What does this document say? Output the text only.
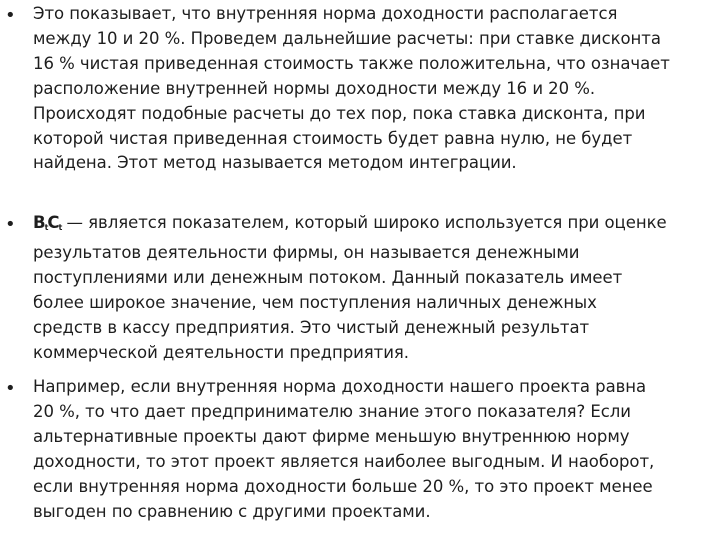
• Это показывает, что внутренняя норма доходности располагается
между 10 и 20 %. Проведем дальнейшие расчеты: при ставке дисконта
16 % чистая приведенная стоимость также положительна, что означает
расположение внутренней нормы доходности между 16 и 20 %.
Происходят подобные расчеты до тех пор, пока ставка дисконта, при
которой чистая приведенная стоимость будет равна нулю, не будет
найдена. Этот метод называется методом интеграции.

• BtCt — является показателем, который широко используется при оценке
результатов деятельности фирмы, он называется денежными
поступлениями или денежным потоком. Данный показатель имеет
более широкое значение, чем поступления наличных денежных
средств в кассу предприятия. Это чистый денежный результат
коммерческой деятельности предприятия.

• Например, если внутренняя норма доходности нашего проекта равна
20 %, то что дает предпринимателю знание этого показателя? Если
альтернативные проекты дают фирме меньшую внутреннюю норму
доходности, то этот проект является наиболее выгодным. И наоборот,
если внутренняя норма доходности больше 20 %, то это проект менее
выгоден по сравнению с другими проектами.
